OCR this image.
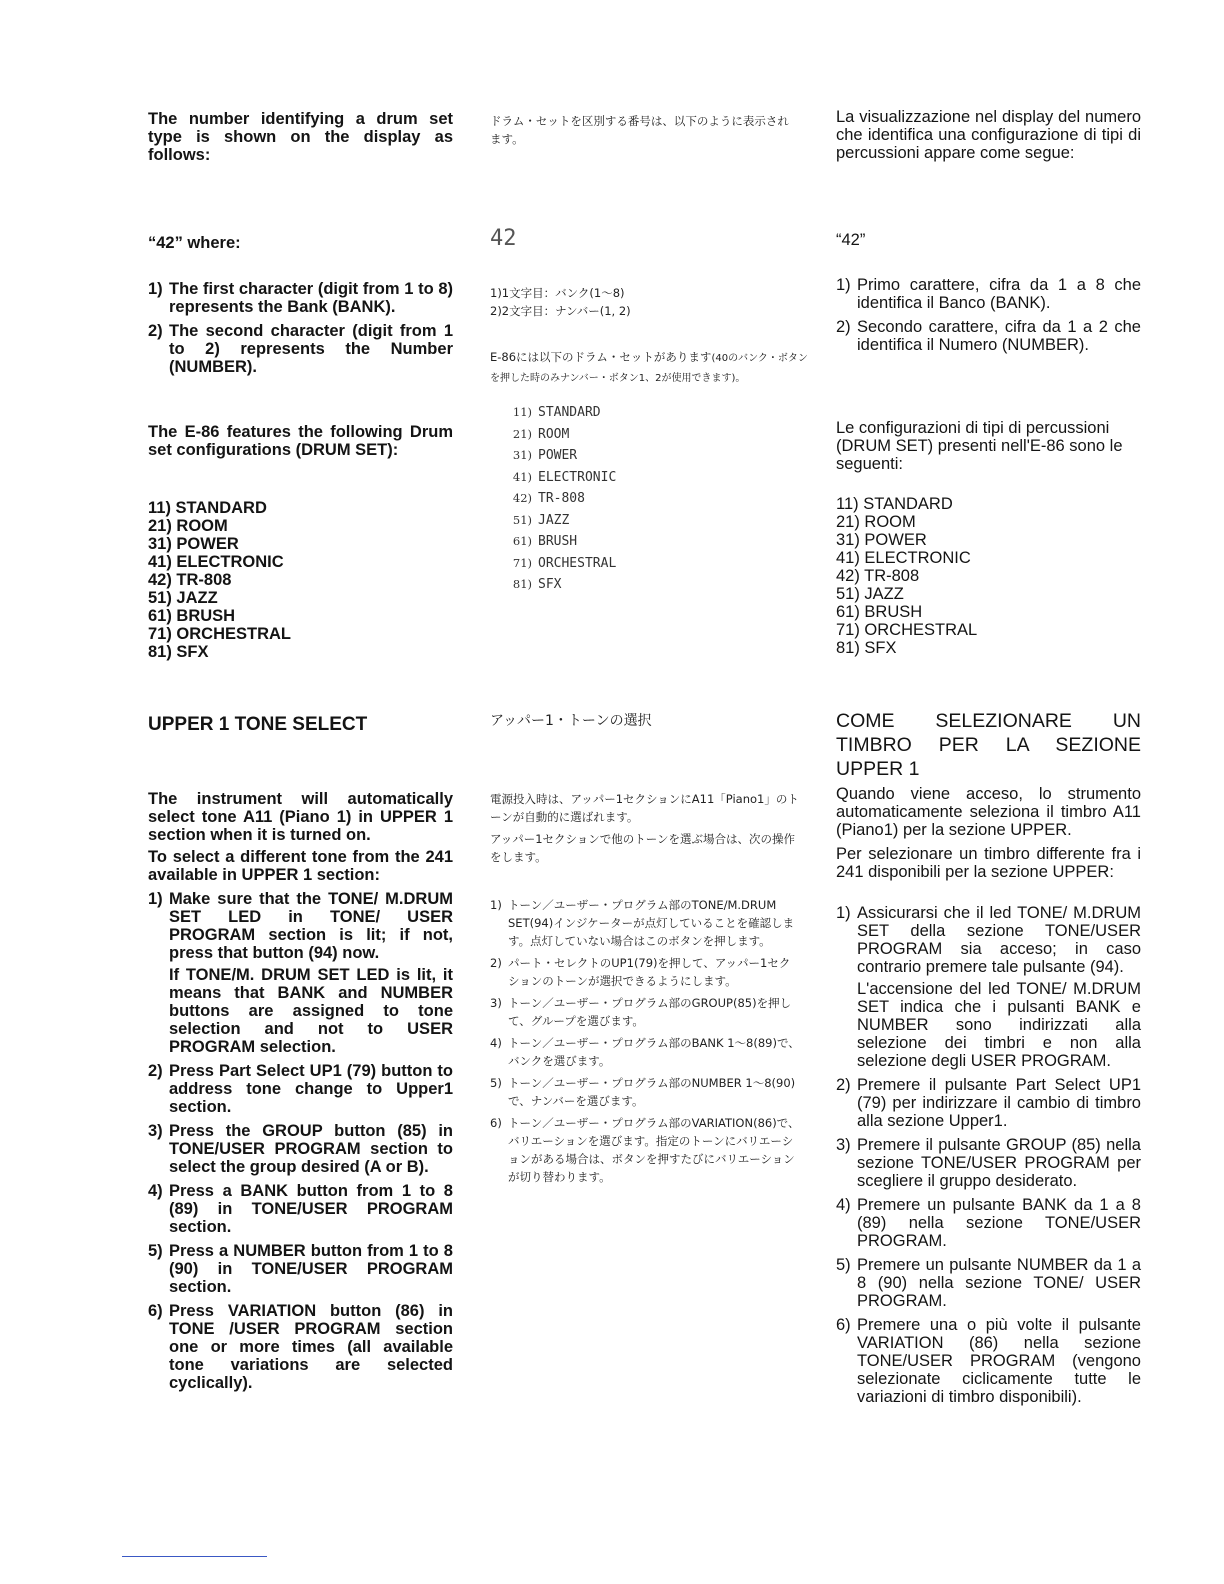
The number identifying a drum set type is shown on the display as follows:

“42” where:

1) The first character (digit from 1 to 8) represents the Bank (BANK).
2) The second character (digit from 1 to 2) represents the Number (NUMBER).

The E-86 features the following Drum set configurations (DRUM SET):

11) STANDARD
21) ROOM
31) POWER
41) ELECTRONIC
42) TR-808
51) JAZZ
61) BRUSH
71) ORCHESTRAL
81) SFX
UPPER 1 TONE SELECT

The instrument will automatically select tone A11 (Piano 1) in UPPER 1 section when it is turned on.

To select a different tone from the 241 available in UPPER 1 section:

1) Make sure that the TONE/ M.DRUM SET LED in TONE/ USER PROGRAM section is lit; if not, press that button (94) now.
If TONE/M. DRUM SET LED is lit, it means that BANK and NUMBER buttons are assigned to tone selection and not to USER PROGRAM selection.
2) Press Part Select UP1 (79) button to address tone change to Upper1 section.
3) Press the GROUP button (85) in TONE/USER PROGRAM section to select the group desired (A or B).
4) Press a BANK button from 1 to 8 (89) in TONE/USER PROGRAM section.
5) Press a NUMBER button from 1 to 8 (90) in TONE/USER PROGRAM section.
6) Press VARIATION button (86) in TONE /USER PROGRAM section one or more times (all available tone variations are selected cyclically).

ドラム・セットを区別する番号は、以下のように表示されます。

42

1)1文字目：バンク(1～8)
2)2文字目：ナンバー(1, 2)

E-86には以下のドラム・セットがあります(40のバンク・ボタンを押した時のみナンバー・ボタン1、2が使用できます)。

11) STANDARD
21) ROOM
31) POWER
41) ELECTRONIC
42) TR-808
51) JAZZ
61) BRUSH
71) ORCHESTRAL
81) SFX
アッパー1・トーンの選択

電源投入時は、アッパー1セクションにA11「Piano1」のトーンが自動的に選ばれます。

アッパー1セクションで他のトーンを選ぶ場合は、次の操作をします。

1) トーン／ユーザー・プログラム部のTONE/M.DRUM SET(94)インジケーターが点灯していることを確認します。点灯していない場合はこのボタンを押します。
2) パート・セレクトのUP1(79)を押して、アッパー1セクションのトーンが選択できるようにします。
3) トーン／ユーザー・プログラム部のGROUP(85)を押して、グループを選びます。
4) トーン／ユーザー・プログラム部のBANK 1～8(89)で、バンクを選びます。
5) トーン／ユーザー・プログラム部のNUMBER 1～8(90)で、ナンバーを選びます。
6) トーン／ユーザー・プログラム部のVARIATION(86)で、バリエーションを選びます。指定のトーンにバリエーションがある場合は、ボタンを押すたびにバリエーションが切り替わります。

La visualizzazione nel display del numero che identifica una configurazione di tipi di percussioni appare come segue:

“42”

1) Primo carattere, cifra da 1 a 8 che identifica il Banco (BANK).
2) Secondo carattere, cifra da 1 a 2 che identifica il Numero (NUMBER).

Le configurazioni di tipi di percussioni (DRUM SET) presenti nell'E-86 sono le seguenti:

11) STANDARD
21) ROOM
31) POWER
41) ELECTRONIC
42) TR-808
51) JAZZ
61) BRUSH
71) ORCHESTRAL
81) SFX
COME SELEZIONARE UN TIMBRO PER LA SEZIONE UPPER 1

Quando viene acceso, lo strumento automaticamente seleziona il timbro A11 (Piano1) per la sezione UPPER.

Per selezionare un timbro differente fra i 241 disponibili per la sezione UPPER:

1) Assicurarsi che il led TONE/ M.DRUM SET della sezione TONE/USER PROGRAM sia acceso; in caso contrario premere tale pulsante (94).
L'accensione del led TONE/ M.DRUM SET indica che i pulsanti BANK e NUMBER sono indirizzati alla selezione dei timbri e non alla selezione degli USER PROGRAM.
2) Premere il pulsante Part Select UP1 (79) per indirizzare il cambio di timbro alla sezione Upper1.
3) Premere il pulsante GROUP (85) nella sezione TONE/USER PROGRAM per scegliere il gruppo desiderato.
4) Premere un pulsante BANK da 1 a 8 (89) nella sezione TONE/USER PROGRAM.
5) Premere un pulsante NUMBER da 1 a 8 (90) nella sezione TONE/ USER PROGRAM.
6) Premere una o più volte il pulsante VARIATION (86) nella sezione TONE/USER PROGRAM (vengono selezionate ciclicamente tutte le variazioni di timbro disponibili).
